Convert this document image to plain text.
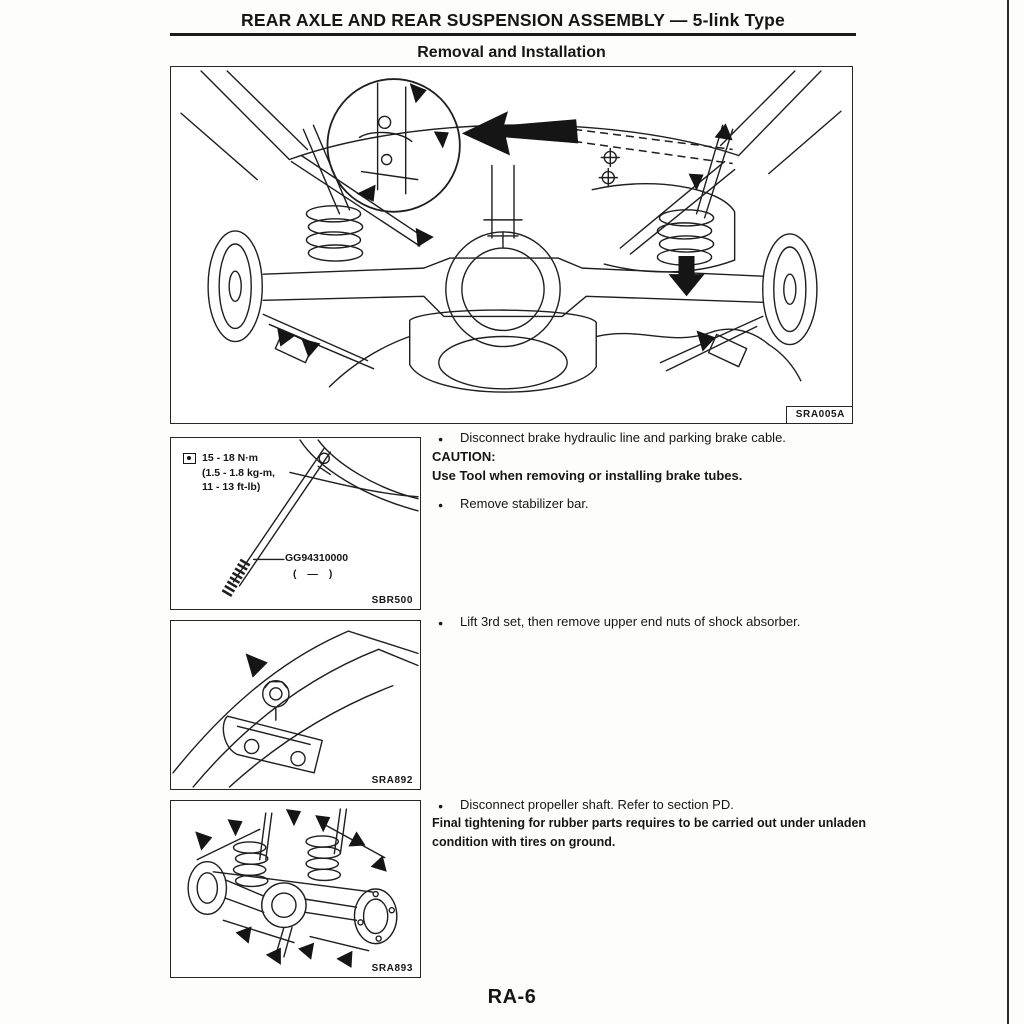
REAR AXLE AND REAR SUSPENSION ASSEMBLY — 5-link Type
Removal and Installation
SRA005A
15 - 18 N·m
(1.5 - 1.8 kg-m,
11 - 13 ft-lb)
GG94310000
( — )
SBR500
● Disconnect brake hydraulic line and parking brake cable.
CAUTION:
Use Tool when removing or installing brake tubes.
● Remove stabilizer bar.
SRA892
● Lift 3rd set, then remove upper end nuts of shock absorber.
SRA893
● Disconnect propeller shaft. Refer to section PD.
Final tightening for rubber parts requires to be carried out under unladen condition with tires on ground.
RA-6
